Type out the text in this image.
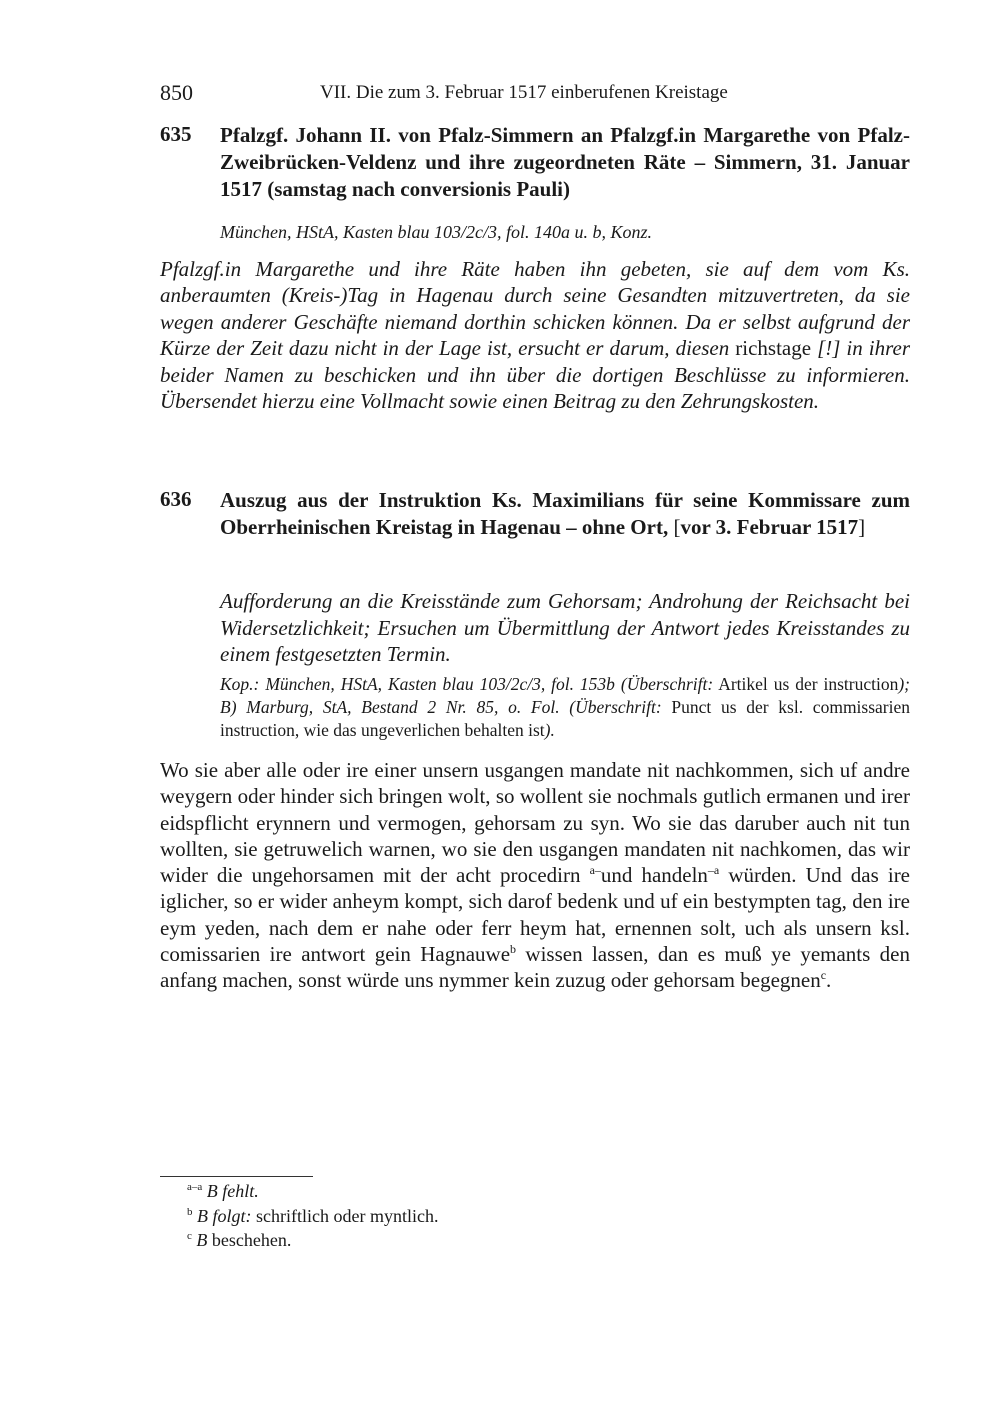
850	VII. Die zum 3. Februar 1517 einberufenen Kreistage
635 Pfalzgf. Johann II. von Pfalz-Simmern an Pfalzgf.in Margarethe von Pfalz-Zweibrücken-Veldenz und ihre zugeordneten Räte – Simmern, 31. Januar 1517 (samstag nach conversionis Pauli)
München, HStA, Kasten blau 103/2c/3, fol. 140a u. b, Konz.
Pfalzgf.in Margarethe und ihre Räte haben ihn gebeten, sie auf dem vom Ks. anberaumten (Kreis-)Tag in Hagenau durch seine Gesandten mitzuvertreten, da sie wegen anderer Geschäfte niemand dorthin schicken können. Da er selbst aufgrund der Kürze der Zeit dazu nicht in der Lage ist, ersucht er darum, diesen richstage [!] in ihrer beider Namen zu beschicken und ihn über die dortigen Beschlüsse zu informieren. Übersendet hierzu eine Vollmacht sowie einen Beitrag zu den Zehrungskosten.
636 Auszug aus der Instruktion Ks. Maximilians für seine Kommissare zum Oberrheinischen Kreistag in Hagenau – ohne Ort, [vor 3. Februar 1517]
Aufforderung an die Kreisstände zum Gehorsam; Androhung der Reichsacht bei Widersetzlichkeit; Ersuchen um Übermittlung der Antwort jedes Kreisstandes zu einem festgesetzten Termin.
Kop.: München, HStA, Kasten blau 103/2c/3, fol. 153b (Überschrift: Artikel us der instruction); B) Marburg, StA, Bestand 2 Nr. 85, o. Fol. (Überschrift: Punct us der ksl. commissarien instruction, wie das ungeverlichen behalten ist).
Wo sie aber alle oder ire einer unsern usgangen mandate nit nachkommen, sich uf andre weygern oder hinder sich bringen wolt, so wollent sie nochmals gutlich ermanen und irer eidspflicht erynnern und vermogen, gehorsam zu syn. Wo sie das daruber auch nit tun wollten, sie getruwelich warnen, wo sie den usgangen mandaten nit nachkomen, das wir wider die ungehorsamen mit der acht procedirn $^{a-}$und handeln$^{-a}$ würden. Und das ire iglicher, so er wider anheym kompt, sich darof bedenk und uf ein bestympten tag, den ire eym yeden, nach dem er nahe oder ferr heym hat, ernennen solt, uch als unsern ksl. comissarien ire antwort gein Hagnauwe$^b$ wissen lassen, dan es muß ye yemants den anfang machen, sonst würde uns nymmer kein zuzug oder gehorsam begegnen$^c$.
$^{a-a}$ B fehlt.
$^b$ B folgt: schriftlich oder myntlich.
$^c$ B beschehen.
